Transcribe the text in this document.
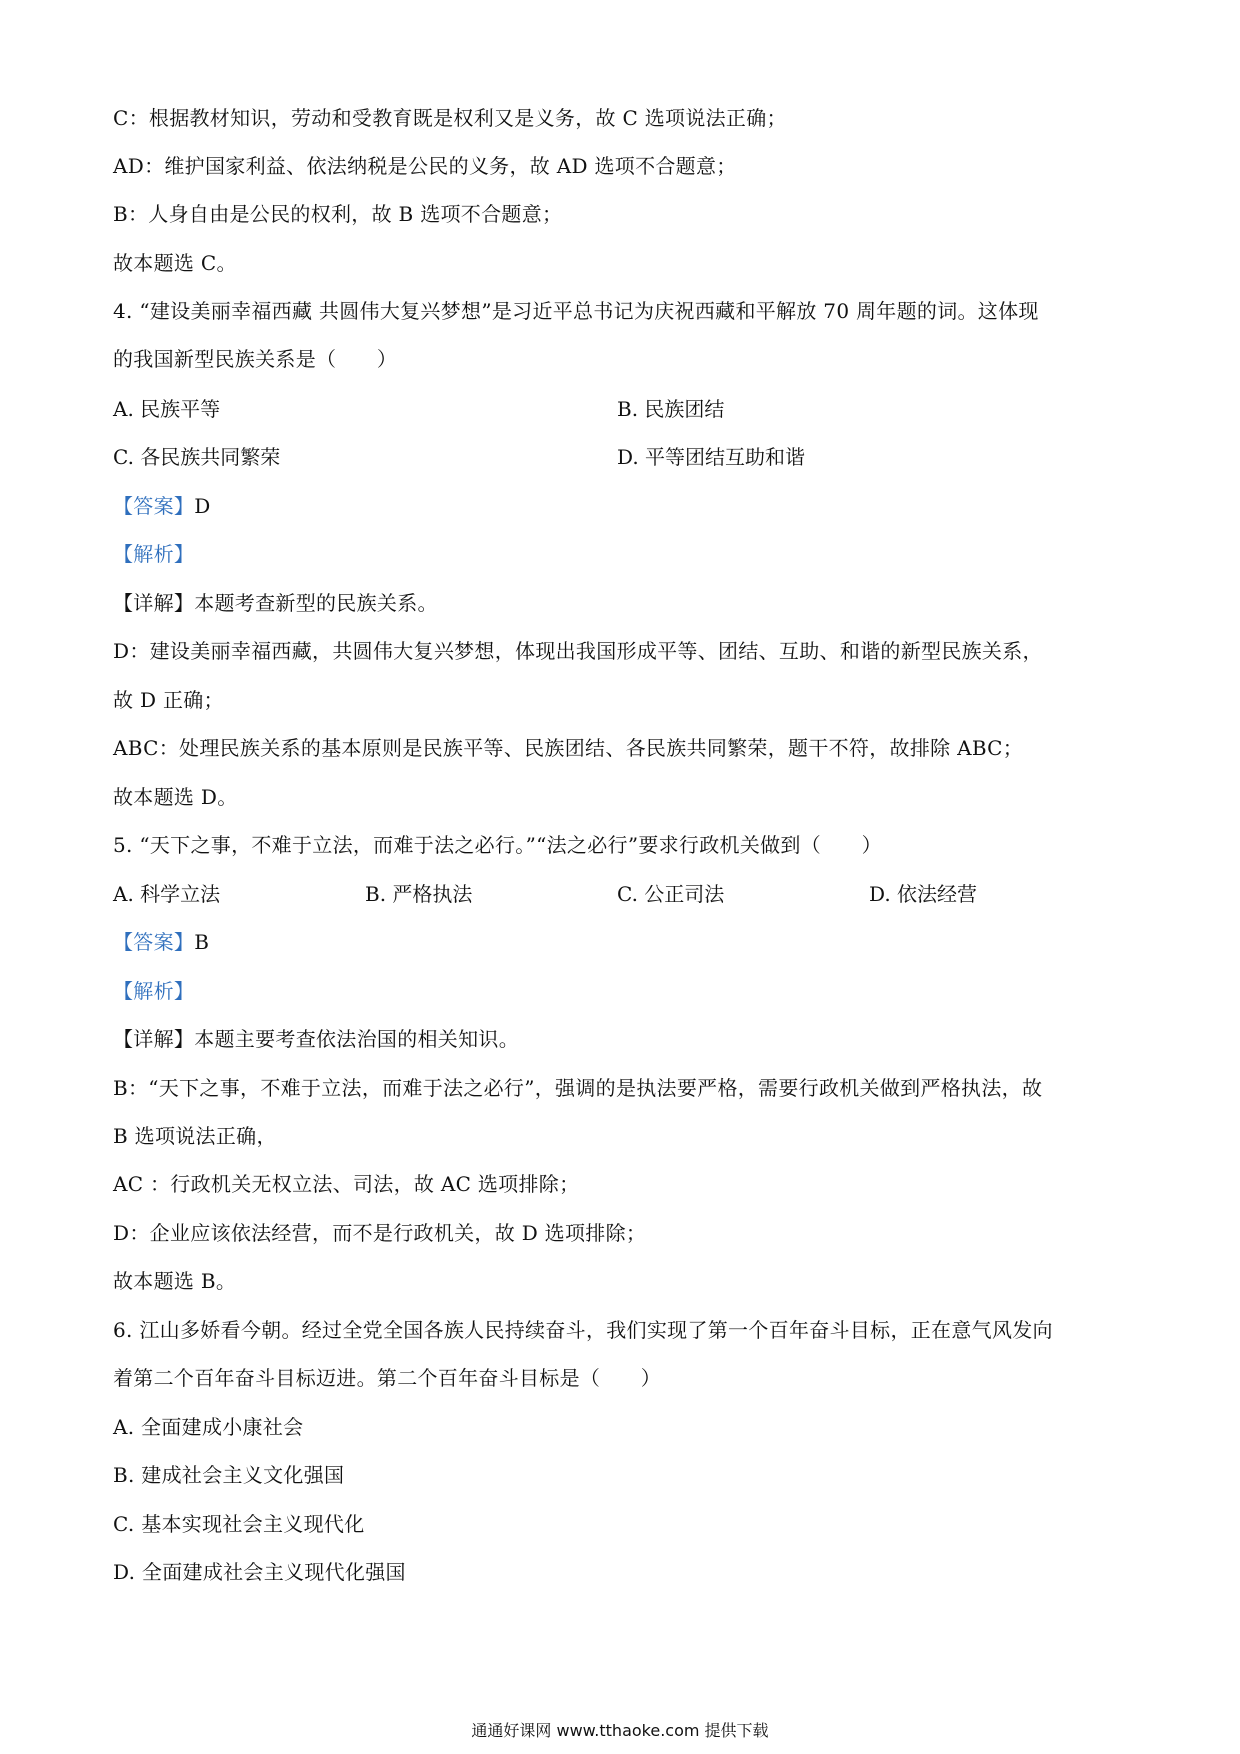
C：根据教材知识，劳动和受教育既是权利又是义务，故 C 选项说法正确；
AD：维护国家利益、依法纳税是公民的义务，故 AD 选项不合题意；
B：人身自由是公民的权利，故 B 选项不合题意；
故本题选 C。
4. “建设美丽幸福西藏 共圆伟大复兴梦想”是习近平总书记为庆祝西藏和平解放 70 周年题的词。这体现
的我国新型民族关系是（　　）
A. 民族平等	B. 民族团结
C. 各民族共同繁荣	D. 平等团结互助和谐
【答案】D
【解析】
【详解】本题考查新型的民族关系。
D：建设美丽幸福西藏，共圆伟大复兴梦想，体现出我国形成平等、团结、互助、和谐的新型民族关系，
故 D 正确；
ABC：处理民族关系的基本原则是民族平等、民族团结、各民族共同繁荣，题干不符，故排除 ABC；
故本题选 D。
5. “天下之事，不难于立法，而难于法之必行。”“法之必行”要求行政机关做到（　　）
A. 科学立法	B. 严格执法	C. 公正司法	D. 依法经营
【答案】B
【解析】
【详解】本题主要考查依法治国的相关知识。
B：“天下之事，不难于立法，而难于法之必行”，强调的是执法要严格，需要行政机关做到严格执法，故
B 选项说法正确，
AC ：行政机关无权立法、司法，故 AC 选项排除；
D：企业应该依法经营，而不是行政机关，故 D 选项排除；
故本题选 B。
6. 江山多娇看今朝。经过全党全国各族人民持续奋斗，我们实现了第一个百年奋斗目标，正在意气风发向
着第二个百年奋斗目标迈进。第二个百年奋斗目标是（　　）
A. 全面建成小康社会
B. 建成社会主义文化强国
C. 基本实现社会主义现代化
D. 全面建成社会主义现代化强国
通通好课网 www.tthaoke.com 提供下载
